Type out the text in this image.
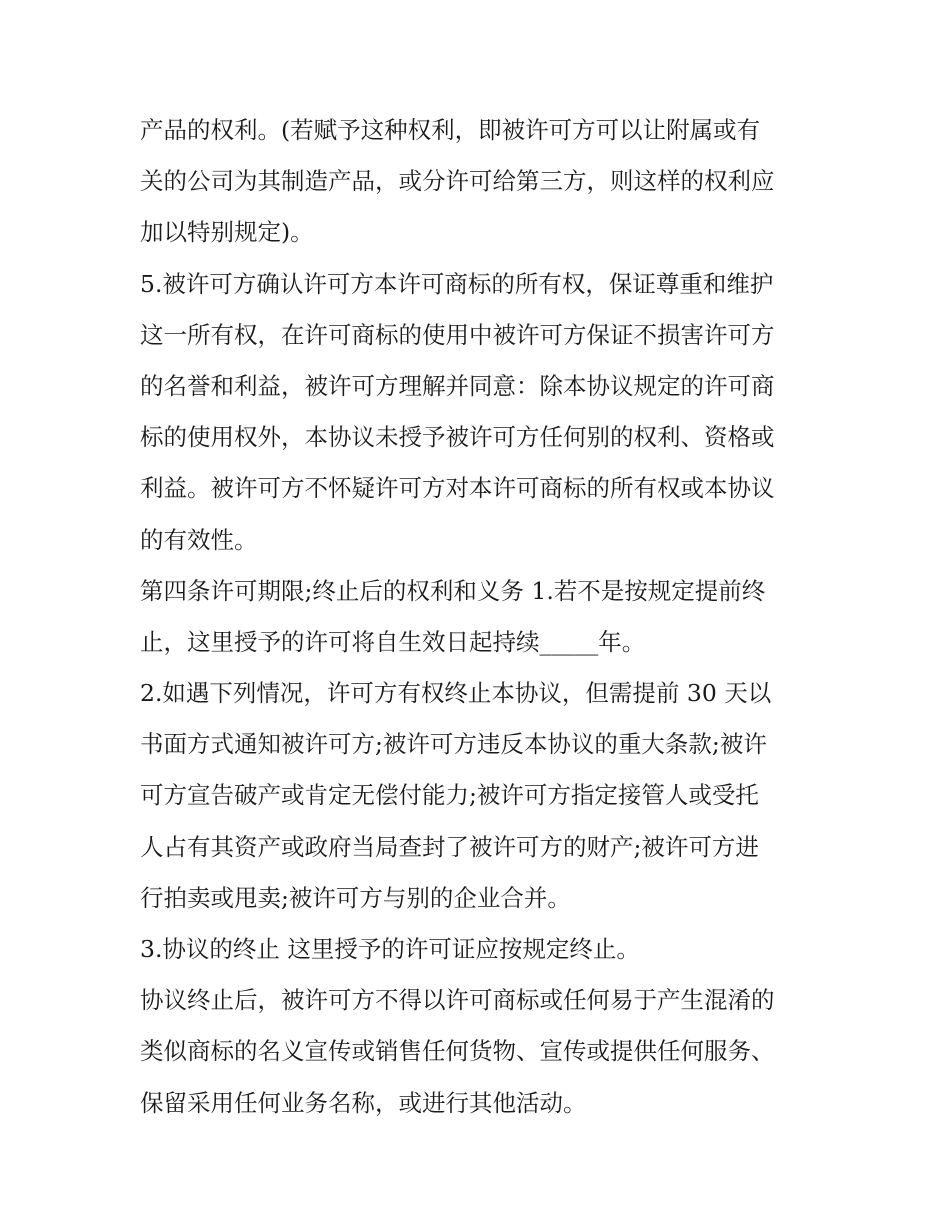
产品的权利。(若赋予这种权利，即被许可方可以让附属或有
关的公司为其制造产品，或分许可给第三方，则这样的权利应
加以特别规定)。
5.被许可方确认许可方本许可商标的所有权，保证尊重和维护
这一所有权，在许可商标的使用中被许可方保证不损害许可方
的名誉和利益，被许可方理解并同意：除本协议规定的许可商
标的使用权外，本协议未授予被许可方任何别的权利、资格或
利益。被许可方不怀疑许可方对本许可商标的所有权或本协议
的有效性。
第四条许可期限;终止后的权利和义务 1.若不是按规定提前终
止，这里授予的许可将自生效日起持续_____年。
2.如遇下列情况，许可方有权终止本协议，但需提前 30 天以
书面方式通知被许可方;被许可方违反本协议的重大条款;被许
可方宣告破产或肯定无偿付能力;被许可方指定接管人或受托
人占有其资产或政府当局查封了被许可方的财产;被许可方进
行拍卖或甩卖;被许可方与别的企业合并。
3.协议的终止 这里授予的许可证应按规定终止。
协议终止后，被许可方不得以许可商标或任何易于产生混淆的
类似商标的名义宣传或销售任何货物、宣传或提供任何服务、
保留采用任何业务名称，或进行其他活动。
